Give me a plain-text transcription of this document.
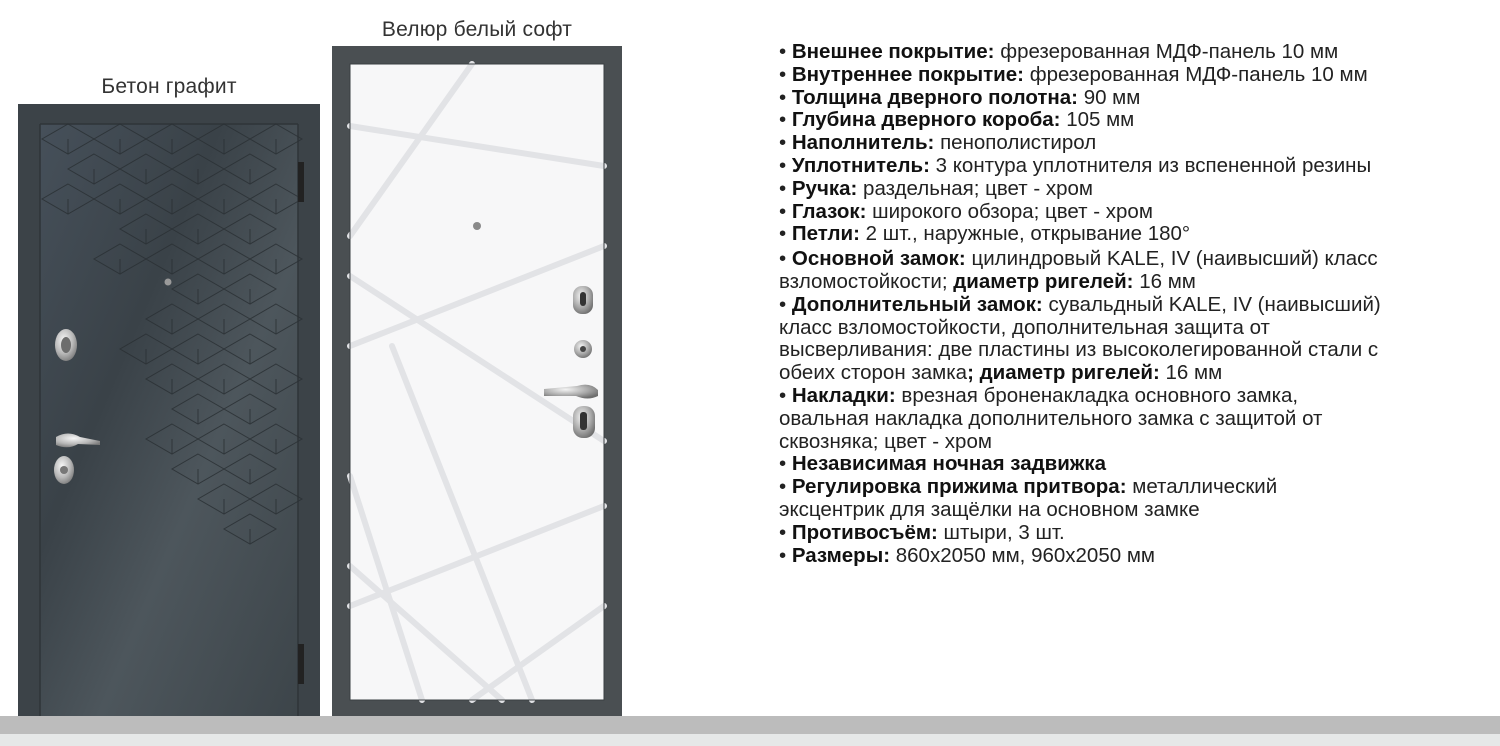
Бетон графит
Велюр белый софт

• Внешнее покрытие: фрезерованная МДФ-панель 10 мм

• Внутреннее покрытие: фрезерованная МДФ-панель 10 мм

• Толщина дверного полотна: 90 мм

• Глубина дверного короба: 105 мм

• Наполнитель: пенополистирол

• Уплотнитель: 3 контура уплотнителя из вспененной резины

• Ручка: раздельная; цвет - хром

• Глазок: широкого обзора; цвет - хром

• Петли: 2 шт., наружные, открывание 180°

• Основной замок: цилиндровый KALE, IV (наивысший) класс взломостойкости; диаметр ригелей: 16 мм

• Дополнительный замок: сувальдный KALE, IV (наивысший) класс взломостойкости, дополнительная защита от высверливания: две пластины из высоколегированной стали с обеих сторон замка; диаметр ригелей: 16 мм

• Накладки: врезная броненакладка основного замка, овальная накладка дополнительного замка с защитой от сквозняка; цвет - хром

• Независимая ночная задвижка

• Регулировка прижима притвора: металлический эксцентрик для защёлки на основном замке

• Противосъём: штыри, 3 шт.

• Размеры: 860x2050 мм, 960x2050 мм
